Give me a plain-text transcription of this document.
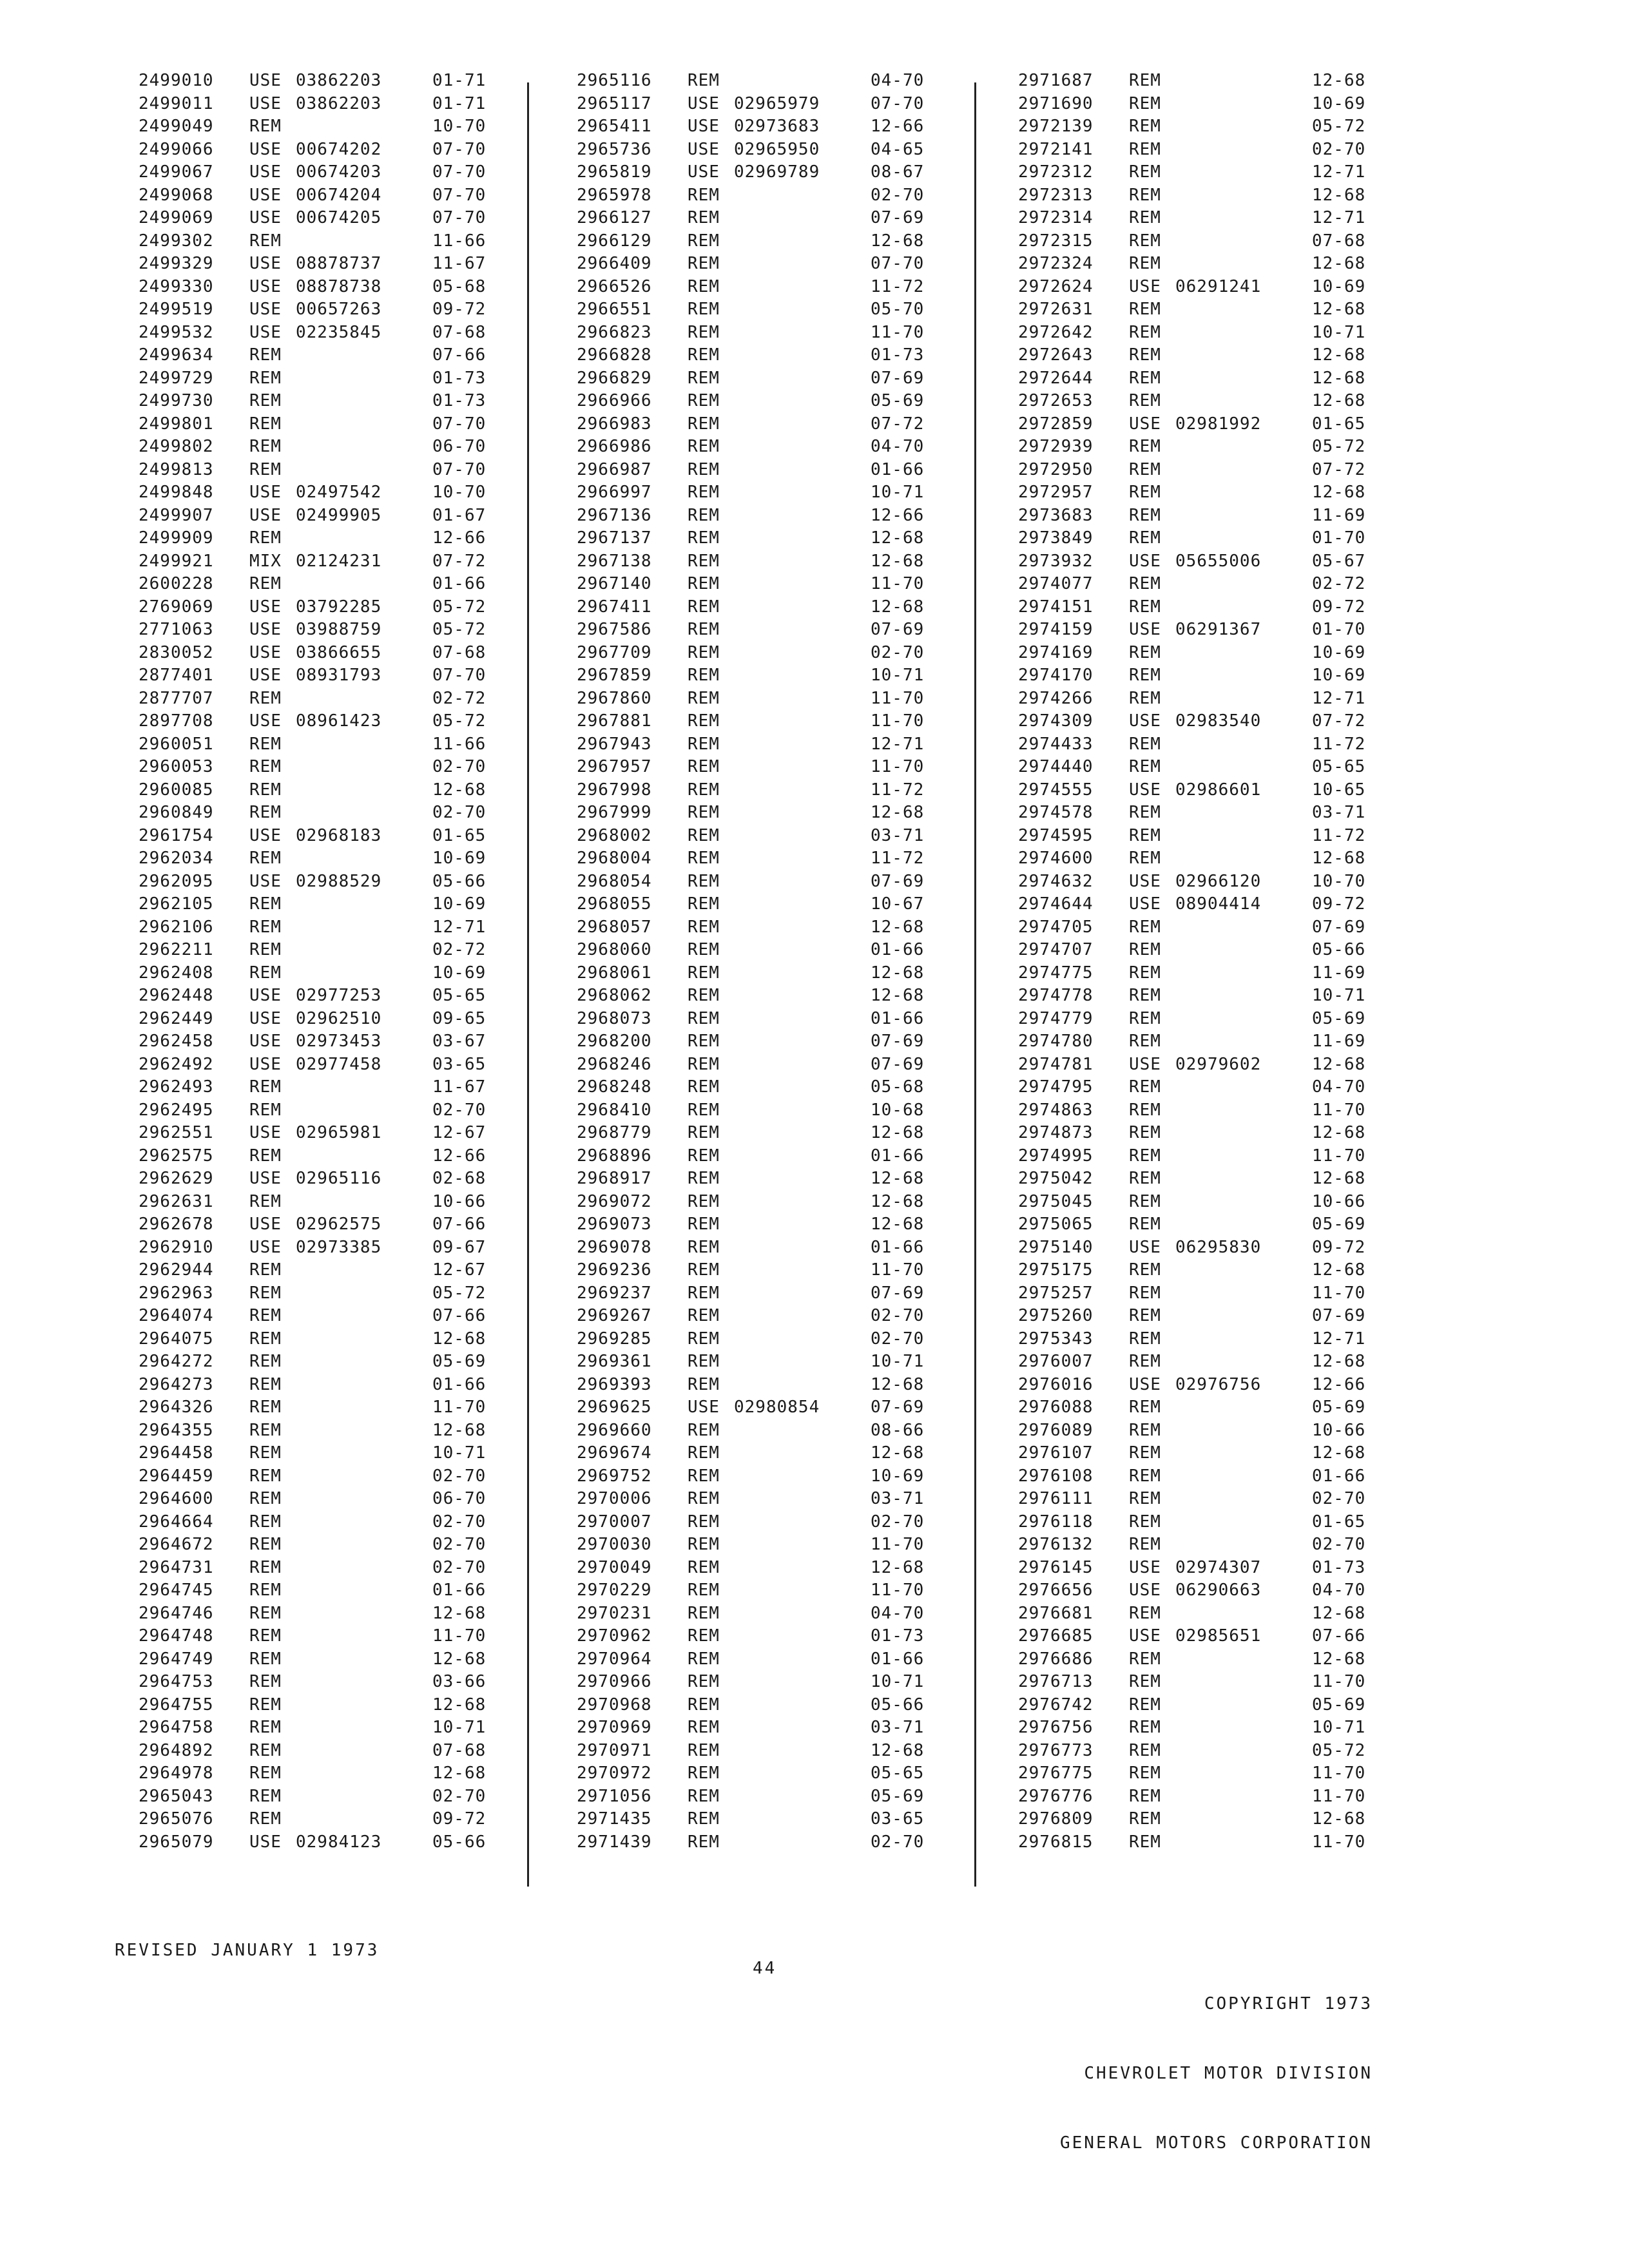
2499010 USE 03862203	01-71
2499011 USE 03862203	01-71
2499049 REM	10-70
2499066 USE 00674202	07-70
2499067 USE 00674203	07-70
2499068 USE 00674204	07-70
2499069 USE 00674205	07-70
2499302 REM	11-66
2499329 USE 08878737	11-67
2499330 USE 08878738	05-68
2499519 USE 00657263	09-72
2499532 USE 02235845	07-68
2499634 REM	07-66
2499729 REM	01-73
2499730 REM	01-73
2499801 REM	07-70
2499802 REM	06-70
2499813 REM	07-70
2499848 USE 02497542	10-70
2499907 USE 02499905	01-67
2499909 REM	12-66
2499921 MIX 02124231	07-72
2600228 REM	01-66
2769069 USE 03792285	05-72
2771063 USE 03988759	05-72
2830052 USE 03866655	07-68
2877401 USE 08931793	07-70
2877707 REM	02-72
2897708 USE 08961423	05-72
2960051 REM	11-66
2960053 REM	02-70
2960085 REM	12-68
2960849 REM	02-70
2961754 USE 02968183	01-65
2962034 REM	10-69
2962095 USE 02988529	05-66
2962105 REM	10-69
2962106 REM	12-71
2962211 REM	02-72
2962408 REM	10-69
2962448 USE 02977253	05-65
2962449 USE 02962510	09-65
2962458 USE 02973453	03-67
2962492 USE 02977458	03-65
2962493 REM	11-67
2962495 REM	02-70
2962551 USE 02965981	12-67
2962575 REM	12-66
2962629 USE 02965116	02-68
2962631 REM	10-66
2962678 USE 02962575	07-66
2962910 USE 02973385	09-67
2962944 REM	12-67
2962963 REM	05-72
2964074 REM	07-66
2964075 REM	12-68
2964272 REM	05-69
2964273 REM	01-66
2964326 REM	11-70
2964355 REM	12-68
2964458 REM	10-71
2964459 REM	02-70
2964600 REM	06-70
2964664 REM	02-70
2964672 REM	02-70
2964731 REM	02-70
2964745 REM	01-66
2964746 REM	12-68
2964748 REM	11-70
2964749 REM	12-68
2964753 REM	03-66
2964755 REM	12-68
2964758 REM	10-71
2964892 REM	07-68
2964978 REM	12-68
2965043 REM	02-70
2965076 REM	09-72
2965079 USE 02984123	05-66
2965116 REM	04-70
2965117 USE 02965979	07-70
2965411 USE 02973683	12-66
2965736 USE 02965950	04-65
2965819 USE 02969789	08-67
2965978 REM	02-70
2966127 REM	07-69
2966129 REM	12-68
2966409 REM	07-70
2966526 REM	11-72
2966551 REM	05-70
2966823 REM	11-70
2966828 REM	01-73
2966829 REM	07-69
2966966 REM	05-69
2966983 REM	07-72
2966986 REM	04-70
2966987 REM	01-66
2966997 REM	10-71
2967136 REM	12-66
2967137 REM	12-68
2967138 REM	12-68
2967140 REM	11-70
2967411 REM	12-68
2967586 REM	07-69
2967709 REM	02-70
2967859 REM	10-71
2967860 REM	11-70
2967881 REM	11-70
2967943 REM	12-71
2967957 REM	11-70
2967998 REM	11-72
2967999 REM	12-68
2968002 REM	03-71
2968004 REM	11-72
2968054 REM	07-69
2968055 REM	10-67
2968057 REM	12-68
2968060 REM	01-66
2968061 REM	12-68
2968062 REM	12-68
2968073 REM	01-66
2968200 REM	07-69
2968246 REM	07-69
2968248 REM	05-68
2968410 REM	10-68
2968779 REM	12-68
2968896 REM	01-66
2968917 REM	12-68
2969072 REM	12-68
2969073 REM	12-68
2969078 REM	01-66
2969236 REM	11-70
2969237 REM	07-69
2969267 REM	02-70
2969285 REM	02-70
2969361 REM	10-71
2969393 REM	12-68
2969625 USE 02980854	07-69
2969660 REM	08-66
2969674 REM	12-68
2969752 REM	10-69
2970006 REM	03-71
2970007 REM	02-70
2970030 REM	11-70
2970049 REM	12-68
2970229 REM	11-70
2970231 REM	04-70
2970962 REM	01-73
2970964 REM	01-66
2970966 REM	10-71
2970968 REM	05-66
2970969 REM	03-71
2970971 REM	12-68
2970972 REM	05-65
2971056 REM	05-69
2971435 REM	03-65
2971439 REM	02-70
2971687 REM	12-68
2971690 REM	10-69
2972139 REM	05-72
2972141 REM	02-70
2972312 REM	12-71
2972313 REM	12-68
2972314 REM	12-71
2972315 REM	07-68
2972324 REM	12-68
2972624 USE 06291241	10-69
2972631 REM	12-68
2972642 REM	10-71
2972643 REM	12-68
2972644 REM	12-68
2972653 REM	12-68
2972859 USE 02981992	01-65
2972939 REM	05-72
2972950 REM	07-72
2972957 REM	12-68
2973683 REM	11-69
2973849 REM	01-70
2973932 USE 05655006	05-67
2974077 REM	02-72
2974151 REM	09-72
2974159 USE 06291367	01-70
2974169 REM	10-69
2974170 REM	10-69
2974266 REM	12-71
2974309 USE 02983540	07-72
2974433 REM	11-72
2974440 REM	05-65
2974555 USE 02986601	10-65
2974578 REM	03-71
2974595 REM	11-72
2974600 REM	12-68
2974632 USE 02966120	10-70
2974644 USE 08904414	09-72
2974705 REM	07-69
2974707 REM	05-66
2974775 REM	11-69
2974778 REM	10-71
2974779 REM	05-69
2974780 REM	11-69
2974781 USE 02979602	12-68
2974795 REM	04-70
2974863 REM	11-70
2974873 REM	12-68
2974995 REM	11-70
2975042 REM	12-68
2975045 REM	10-66
2975065 REM	05-69
2975140 USE 06295830	09-72
2975175 REM	12-68
2975257 REM	11-70
2975260 REM	07-69
2975343 REM	12-71
2976007 REM	12-68
2976016 USE 02976756	12-66
2976088 REM	05-69
2976089 REM	10-66
2976107 REM	12-68
2976108 REM	01-66
2976111 REM	02-70
2976118 REM	01-65
2976132 REM	02-70
2976145 USE 02974307	01-73
2976656 USE 06290663	04-70
2976681 REM	12-68
2976685 USE 02985651	07-66
2976686 REM	12-68
2976713 REM	11-70
2976742 REM	05-69
2976756 REM	10-71
2976773 REM	05-72
2976775 REM	11-70
2976776 REM	11-70
2976809 REM	12-68
2976815 REM	11-70
REVISED JANUARY 1 1973
44

COPYRIGHT 1973

CHEVROLET MOTOR DIVISION

GENERAL MOTORS CORPORATION
